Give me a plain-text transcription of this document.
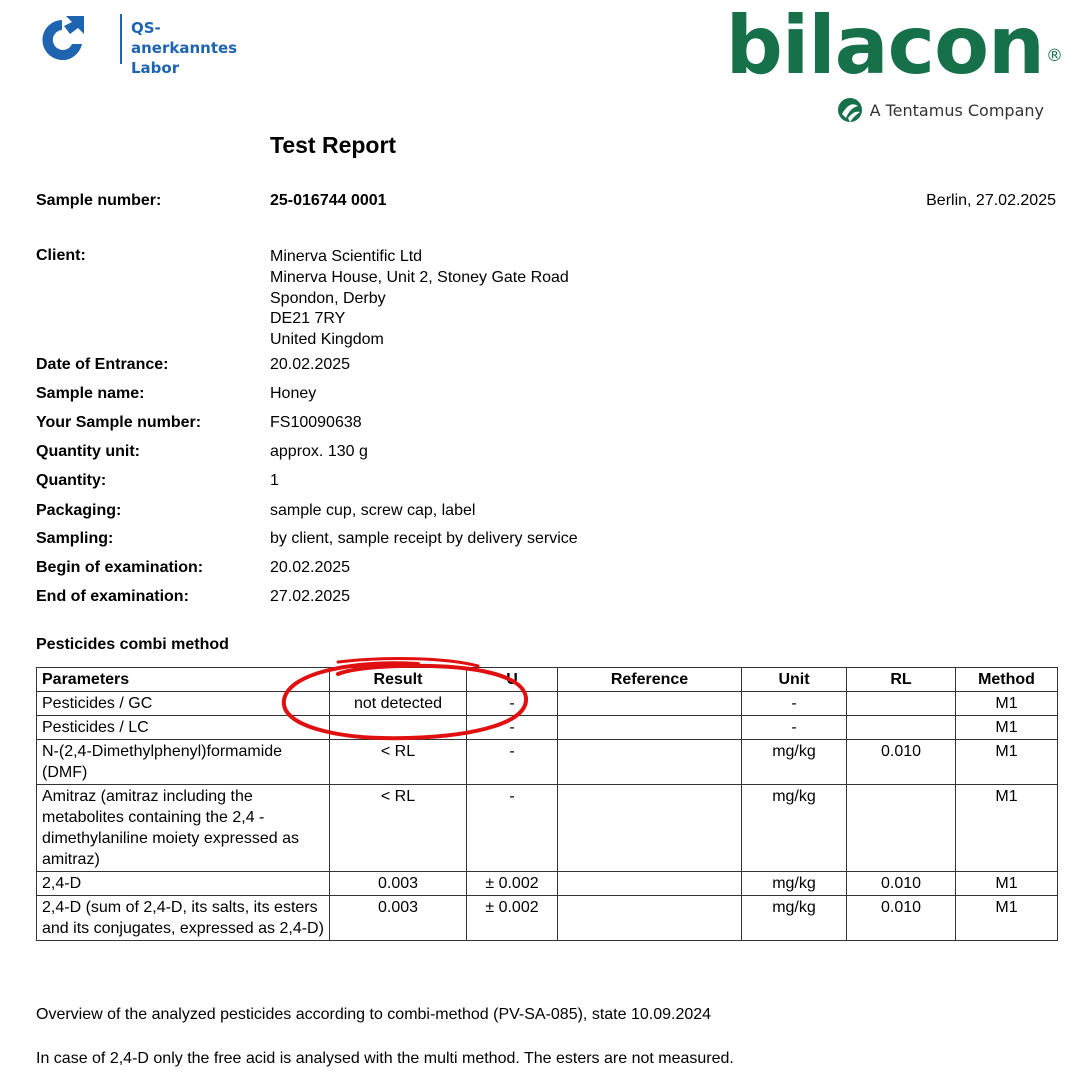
QS-anerkanntes
Labor	bilacon ®
A Tentamus Company
Test Report
Sample number:	25-016744 0001	Berlin, 27.02.2025
Client:	Minerva Scientific Ltd
Minerva House, Unit 2, Stoney Gate Road
Spondon, Derby
DE21 7RY
United Kingdom
Date of Entrance:	20.02.2025
Sample name:	Honey
Your Sample number:	FS10090638
Quantity unit:	approx. 130 g
Quantity:	1
Packaging:	sample cup, screw cap, label
Sampling:	by client, sample receipt by delivery service
Begin of examination:	20.02.2025
End of examination:	27.02.2025
Pesticides combi method
Parameters	Result	U	Reference	Unit	RL	Method
Pesticides / GC	not detected	-		-		M1
Pesticides / LC		-		-		M1
N-(2,4-Dimethylphenyl)formamide (DMF)	< RL	-		mg/kg	0.010	M1
Amitraz (amitraz including the metabolites containing the 2,4 -dimethylaniline moiety expressed as amitraz)	< RL	-		mg/kg		M1
2,4-D	0.003	± 0.002		mg/kg	0.010	M1
2,4-D (sum of 2,4-D, its salts, its esters and its conjugates, expressed as 2,4-D)	0.003	± 0.002		mg/kg	0.010	M1
Overview of the analyzed pesticides according to combi-method (PV-SA-085), state 10.09.2024
In case of 2,4-D only the free acid is analysed with the multi method. The esters are not measured.
